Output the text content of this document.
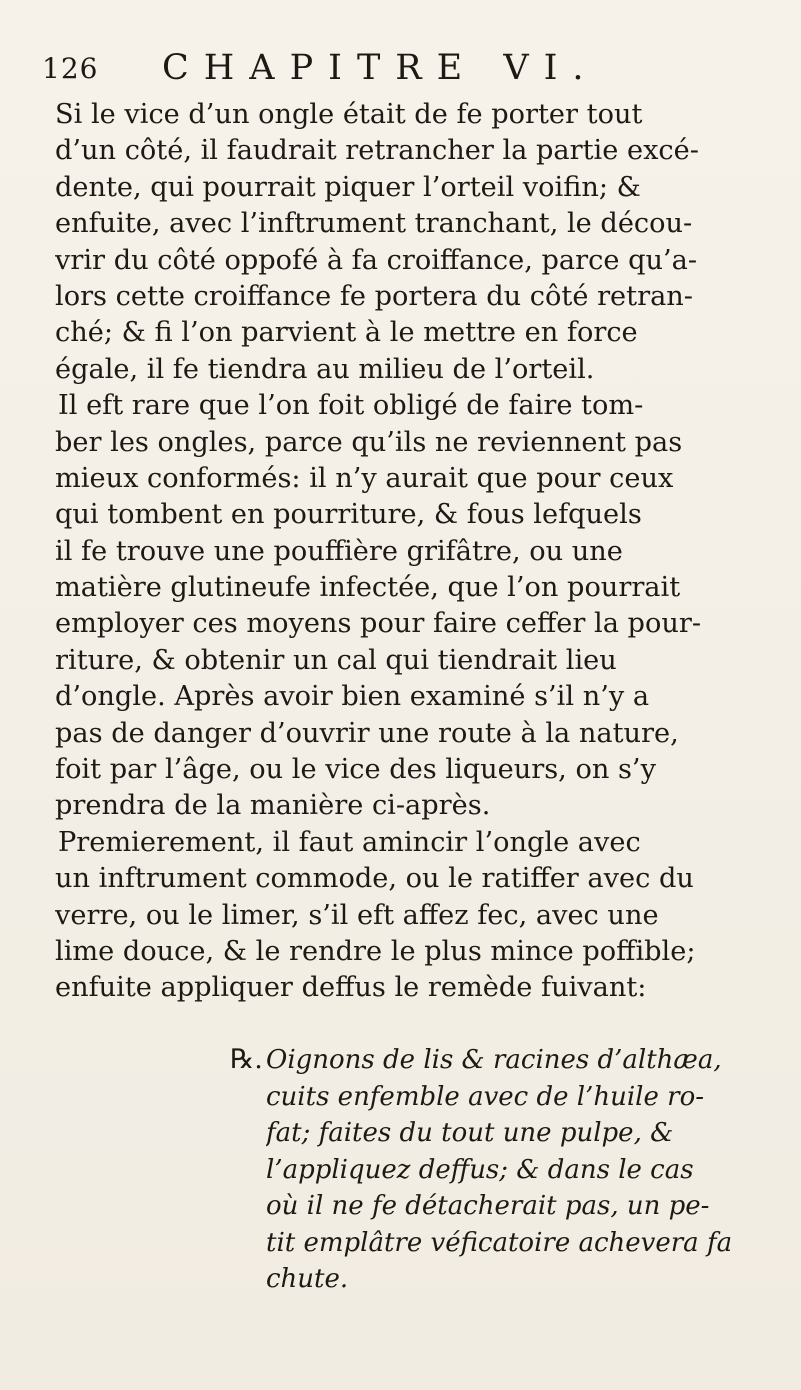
126 CHAPITRE VI.
Si le vice d’un ongle était de fe porter tout
d’un côté, il faudrait retrancher la partie excé-
dente, qui pourrait piquer l’orteil voifin; &
enfuite, avec l’inftrument tranchant, le décou-
vrir du côté oppofé à fa croiffance, parce qu’a-
lors cette croiffance fe portera du côté retran-
ché; & fi l’on parvient à le mettre en force
égale, il fe tiendra au milieu de l’orteil.
Il eft rare que l’on foit obligé de faire tom-
ber les ongles, parce qu’ils ne reviennent pas
mieux conformés: il n’y aurait que pour ceux
qui tombent en pourriture, & fous lefquels
il fe trouve une pouffière grifâtre, ou une
matière glutineufe infectée, que l’on pourrait
employer ces moyens pour faire ceffer la pour-
riture, & obtenir un cal qui tiendrait lieu
d’ongle. Après avoir bien examiné s’il n’y a
pas de danger d’ouvrir une route à la nature,
foit par l’âge, ou le vice des liqueurs, on s’y
prendra de la manière ci-après.
Premierement, il faut amincir l’ongle avec
un inftrument commode, ou le ratiffer avec du
verre, ou le limer, s’il eft affez fec, avec une
lime douce, & le rendre le plus mince poffible;
enfuite appliquer deffus le remède fuivant:
℞. Oignons de lis & racines d’althæa,
cuits enfemble avec de l’huile ro-
fat; faites du tout une pulpe, &
l’appliquez deffus; & dans le cas
où il ne fe détacherait pas, un pe-
tit emplâtre véficatoire achevera fa
chute.
